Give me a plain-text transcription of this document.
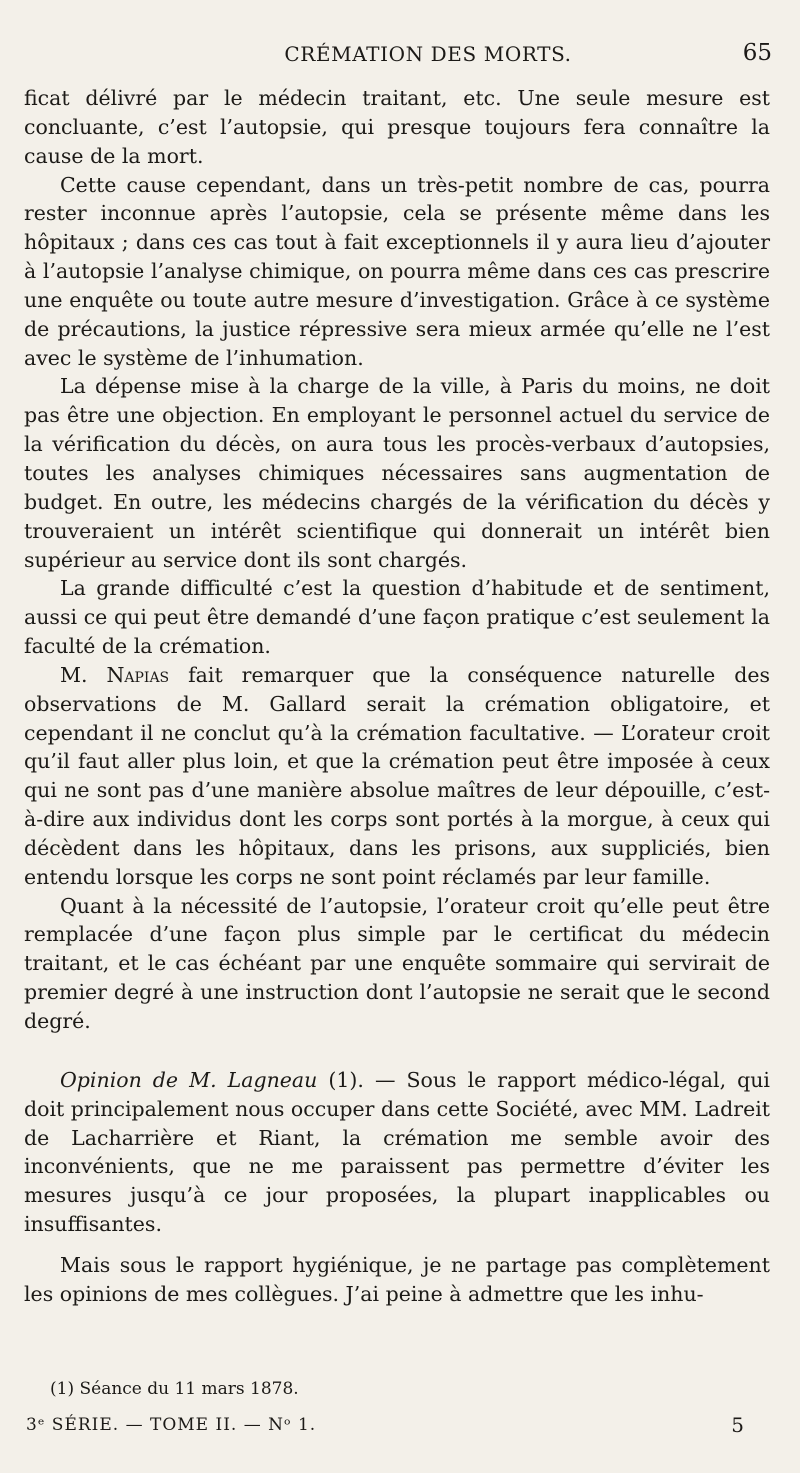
CRÉMATION DES MORTS.	65

ficat délivré par le médecin traitant, etc. Une seule mesure est concluante, c’est l’autopsie, qui presque toujours fera connaître la cause de la mort.

Cette cause cependant, dans un très-petit nombre de cas, pourra rester inconnue après l’autopsie, cela se présente même dans les hôpitaux ; dans ces cas tout à fait exceptionnels il y aura lieu d’ajouter à l’autopsie l’analyse chimique, on pourra même dans ces cas prescrire une enquête ou toute autre mesure d’investigation. Grâce à ce système de précautions, la justice répressive sera mieux armée qu’elle ne l’est avec le système de l’inhumation.

La dépense mise à la charge de la ville, à Paris du moins, ne doit pas être une objection. En employant le personnel actuel du service de la vérification du décès, on aura tous les procès-verbaux d’autopsies, toutes les analyses chimiques nécessaires sans augmentation de budget. En outre, les médecins chargés de la vérification du décès y trouveraient un intérêt scientifique qui donnerait un intérêt bien supérieur au service dont ils sont chargés.

La grande difficulté c’est la question d’habitude et de sentiment, aussi ce qui peut être demandé d’une façon pratique c’est seulement la faculté de la crémation.

M. Napias fait remarquer que la conséquence naturelle des observations de M. Gallard serait la crémation obligatoire, et cependant il ne conclut qu’à la crémation facultative. — L’orateur croit qu’il faut aller plus loin, et que la crémation peut être imposée à ceux qui ne sont pas d’une manière absolue maîtres de leur dépouille, c’est-à-dire aux individus dont les corps sont portés à la morgue, à ceux qui décèdent dans les hôpitaux, dans les prisons, aux suppliciés, bien entendu lorsque les corps ne sont point réclamés par leur famille.

Quant à la nécessité de l’autopsie, l’orateur croit qu’elle peut être remplacée d’une façon plus simple par le certificat du médecin traitant, et le cas échéant par une enquête sommaire qui servirait de premier degré à une instruction dont l’autopsie ne serait que le second degré.

Opinion de M. Lagneau (1). — Sous le rapport médico-légal, qui doit principalement nous occuper dans cette Société, avec MM. Ladreit de Lacharrière et Riant, la crémation me semble avoir des inconvénients, que ne me paraissent pas permettre d’éviter les mesures jusqu’à ce jour proposées, la plupart inapplicables ou insuffisantes.

Mais sous le rapport hygiénique, je ne partage pas complètement les opinions de mes collègues. J’ai peine à admettre que les inhu-

(1) Séance du 11 mars 1878.
3ᵉ SÉRIE. — TOME II. — Nᵒ 1.	5
